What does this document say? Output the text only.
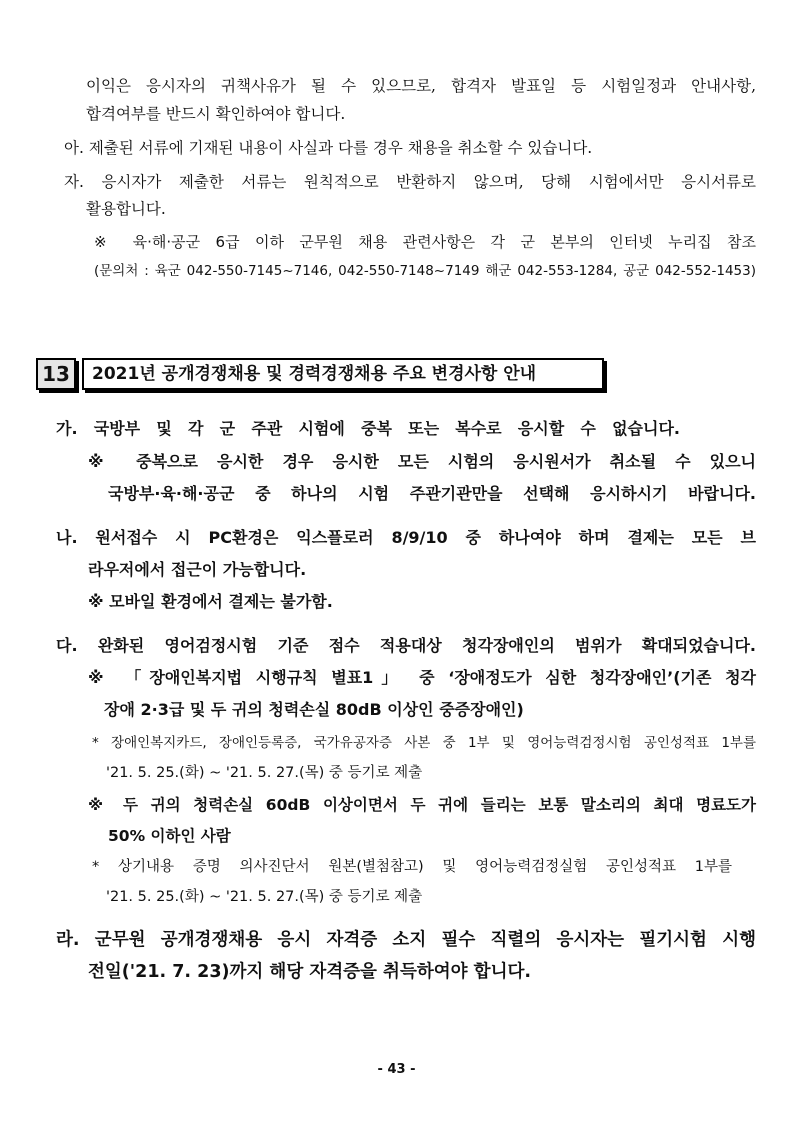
이익은 응시자의 귀책사유가 될 수 있으므로, 합격자 발표일 등 시험일정과 안내사항,
합격여부를 반드시 확인하여야 합니다.
아. 제출된 서류에 기재된 내용이 사실과 다를 경우 채용을 취소할 수 있습니다.
자. 응시자가 제출한 서류는 원칙적으로 반환하지 않으며, 당해 시험에서만 응시서류로
활용합니다.
※ 육·해·공군 6급 이하 군무원 채용 관련사항은 각 군 본부의 인터넷 누리집 참조
(문의처 : 육군 042-550-7145~7146, 042-550-7148~7149 해군 042-553-1284, 공군 042-552-1453)
13	2021년 공개경쟁채용 및 경력경쟁채용 주요 변경사항 안내
가. 국방부 및 각 군 주관 시험에 중복 또는 복수로 응시할 수 없습니다.
※ 중복으로 응시한 경우 응시한 모든 시험의 응시원서가 취소될 수 있으니
국방부·육·해·공군 중 하나의 시험 주관기관만을 선택해 응시하시기 바랍니다.
나. 원서접수 시 PC환경은 익스플로러 8/9/10 중 하나여야 하며 결제는 모든 브
라우저에서 접근이 가능합니다.
※ 모바일 환경에서 결제는 불가함.
다. 완화된 영어검정시험 기준 점수 적용대상 청각장애인의 범위가 확대되었습니다.
※ 「장애인복지법 시행규칙 별표1」 중 ‘장애정도가 심한 청각장애인’(기존 청각
장애 2·3급 및 두 귀의 청력손실 80dB 이상인 중증장애인)
* 장애인복지카드, 장애인등록증, 국가유공자증 사본 중 1부 및 영어능력검정시험 공인성적표 1부를
'21. 5. 25.(화) ~ '21. 5. 27.(목) 중 등기로 제출
※ 두 귀의 청력손실 60dB 이상이면서 두 귀에 들리는 보통 말소리의 최대 명료도가
50% 이하인 사람
* 상기내용 증명 의사진단서 원본(별첨참고) 및 영어능력검정실험 공인성적표 1부를
'21. 5. 25.(화) ~ '21. 5. 27.(목) 중 등기로 제출
라. 군무원 공개경쟁채용 응시 자격증 소지 필수 직렬의 응시자는 필기시험 시행
전일('21. 7. 23)까지 해당 자격증을 취득하여야 합니다.
- 43 -
